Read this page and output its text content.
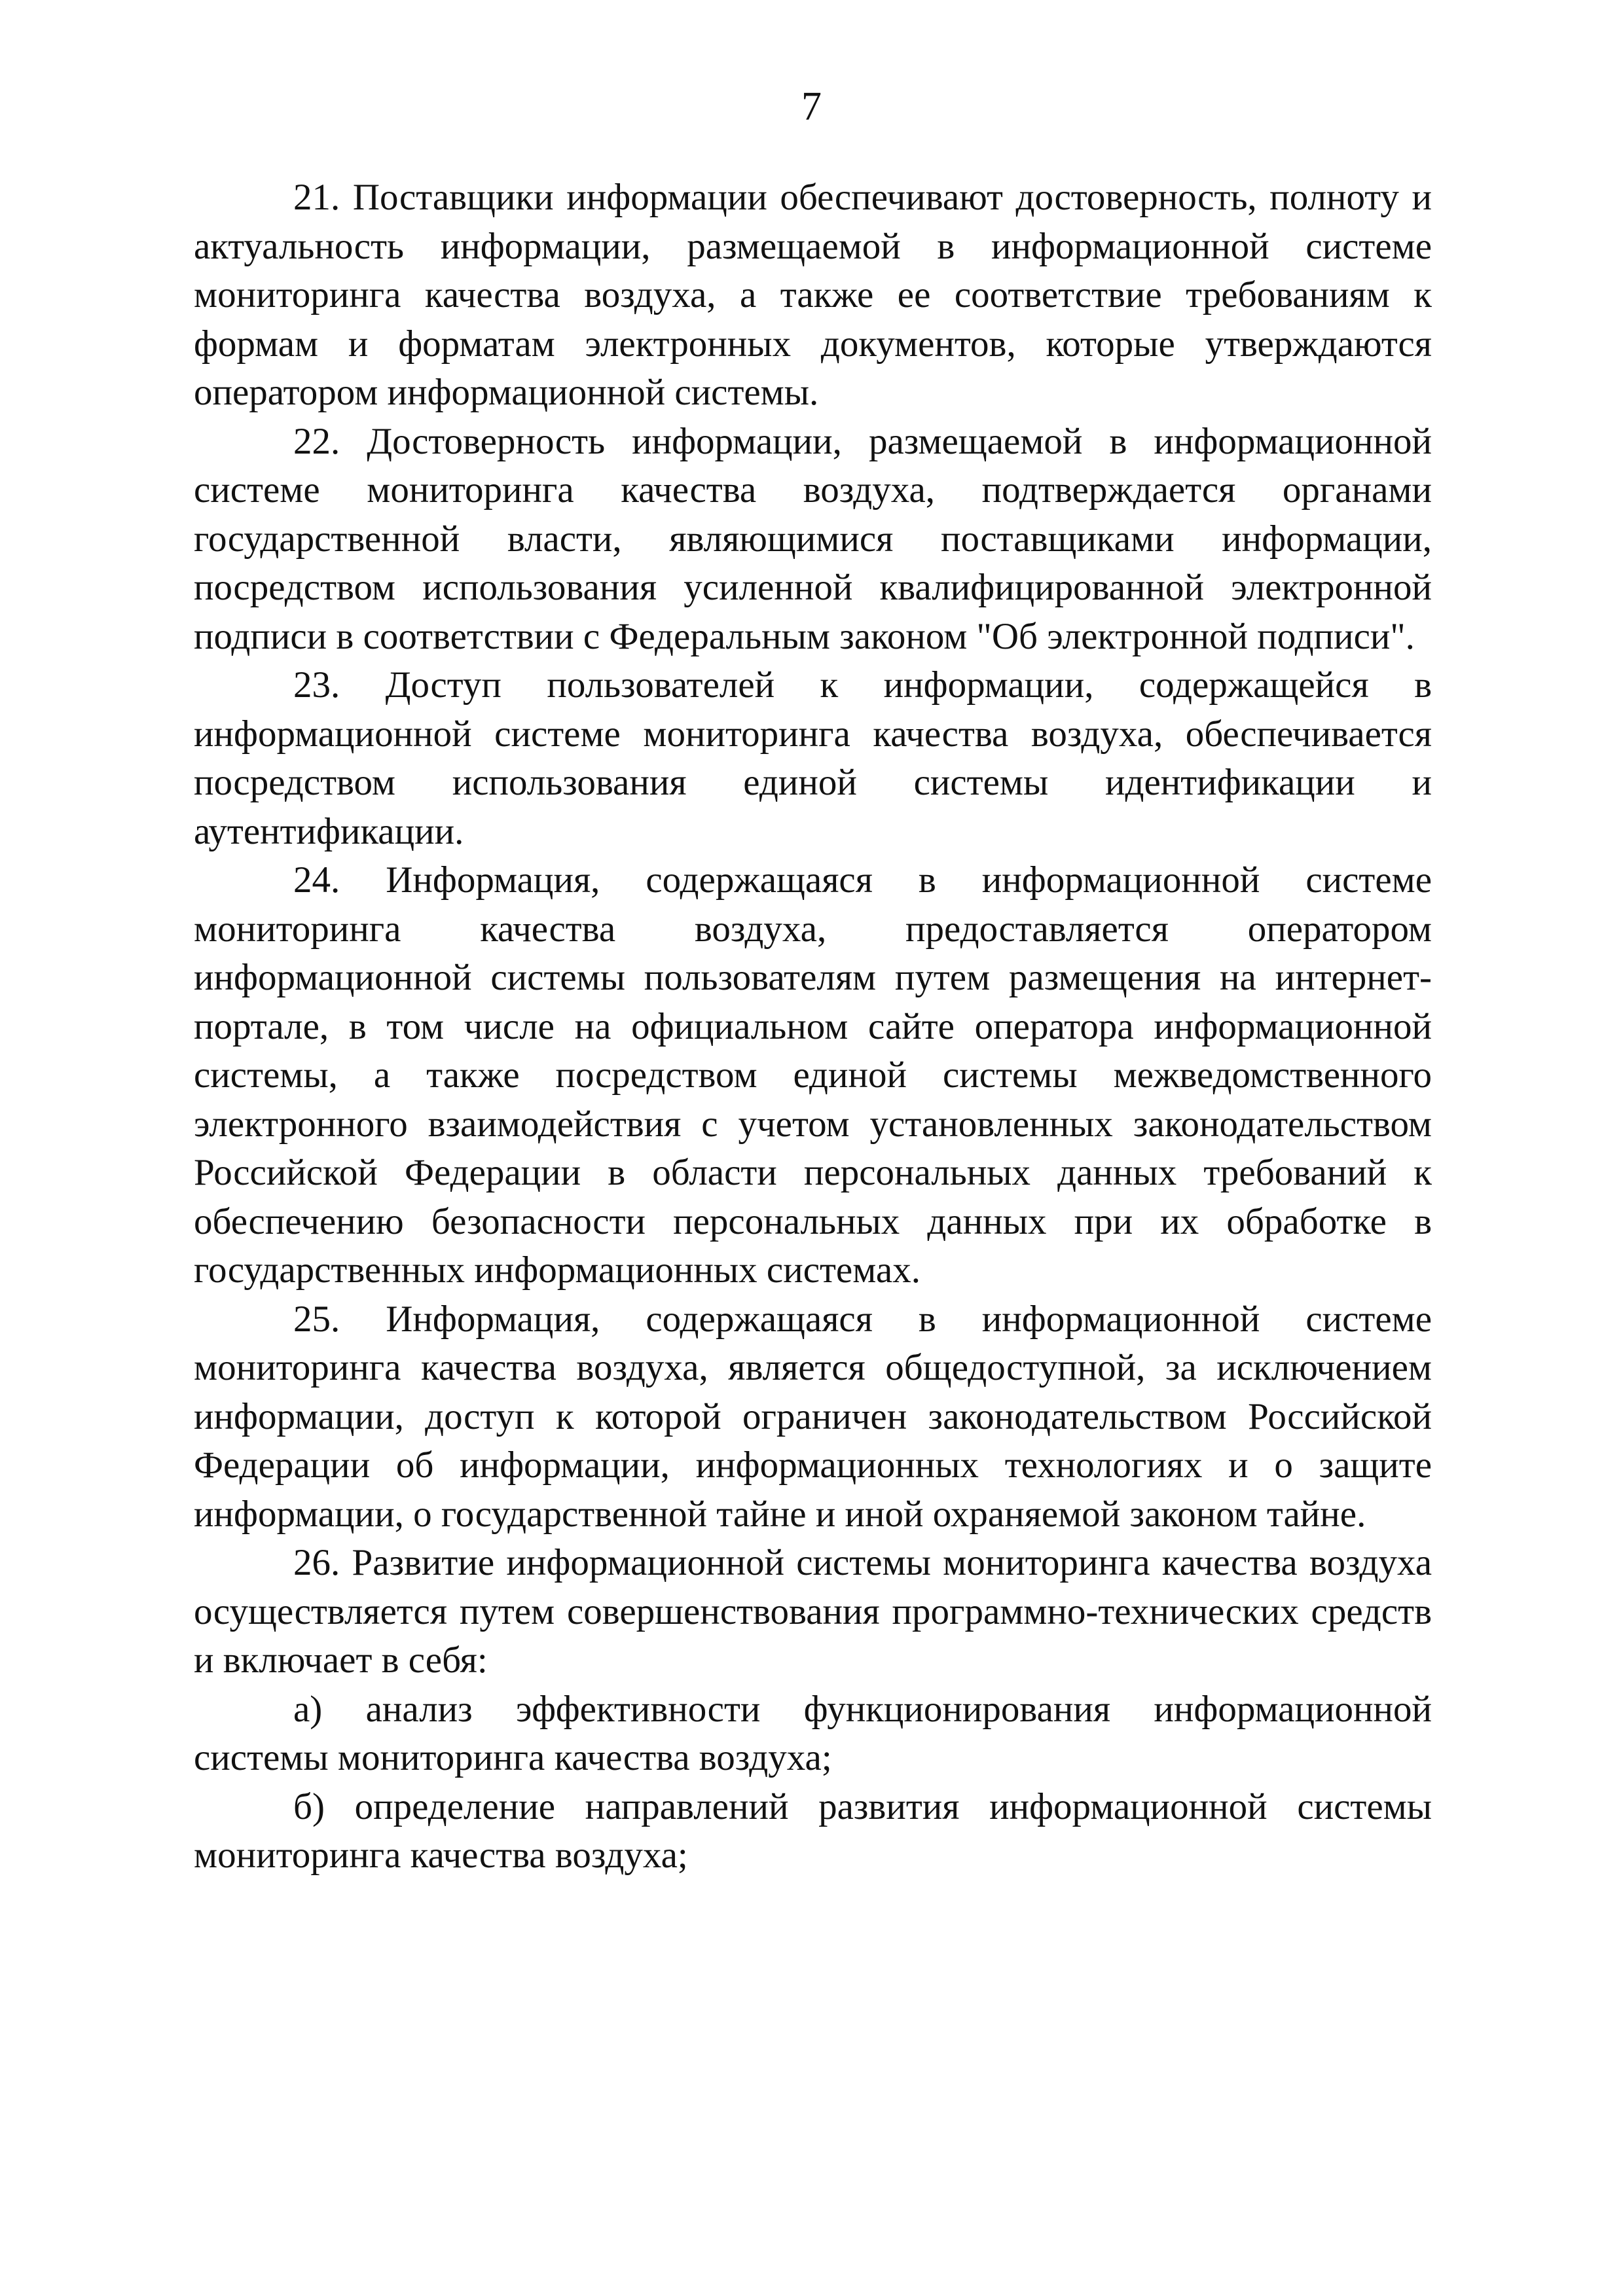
7

21. Поставщики информации обеспечивают достоверность, полноту и актуальность информации, размещаемой в информационной системе мониторинга качества воздуха, а также ее соответствие требованиям к формам и форматам электронных документов, которые утверждаются оператором информационной системы.

22. Достоверность информации, размещаемой в информационной системе мониторинга качества воздуха, подтверждается органами государственной власти, являющимися поставщиками информации, посредством использования усиленной квалифицированной электронной подписи в соответствии с Федеральным законом "Об электронной подписи".

23. Доступ пользователей к информации, содержащейся в информационной системе мониторинга качества воздуха, обеспечивается посредством использования единой системы идентификации и аутентификации.

24. Информация, содержащаяся в информационной системе мониторинга качества воздуха, предоставляется оператором информационной системы пользователям путем размещения на интернет-портале, в том числе на официальном сайте оператора информационной системы, а также посредством единой системы межведомственного электронного взаимодействия с учетом установленных законодательством Российской Федерации в области персональных данных требований к обеспечению безопасности персональных данных при их обработке в государственных информационных системах.

25. Информация, содержащаяся в информационной системе мониторинга качества воздуха, является общедоступной, за исключением информации, доступ к которой ограничен законодательством Российской Федерации об информации, информационных технологиях и о защите информации, о государственной тайне и иной охраняемой законом тайне.

26. Развитие информационной системы мониторинга качества воздуха осуществляется путем совершенствования программно-технических средств и включает в себя:

а) анализ эффективности функционирования информационной системы мониторинга качества воздуха;

б) определение направлений развития информационной системы мониторинга качества воздуха;
